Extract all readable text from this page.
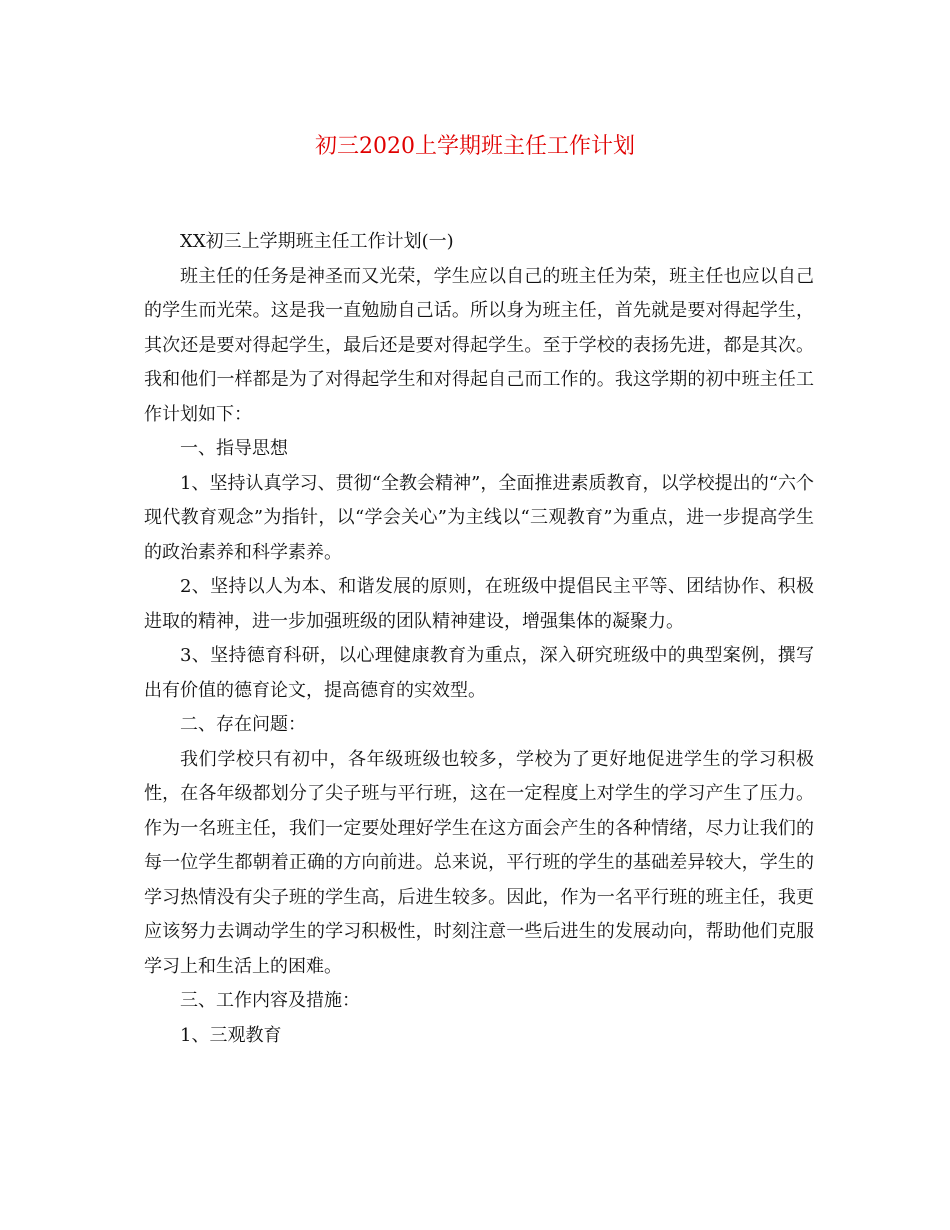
初三2020上学期班主任工作计划

XX初三上学期班主任工作计划(一)

班主任的任务是神圣而又光荣，学生应以自己的班主任为荣，班主任也应以自己的学生而光荣。这是我一直勉励自己话。所以身为班主任，首先就是要对得起学生，其次还是要对得起学生，最后还是要对得起学生。至于学校的表扬先进，都是其次。我和他们一样都是为了对得起学生和对得起自己而工作的。我这学期的初中班主任工作计划如下：

一、指导思想

1、坚持认真学习、贯彻“全教会精神”，全面推进素质教育，以学校提出的“六个现代教育观念”为指针，以“学会关心”为主线以“三观教育”为重点，进一步提高学生的政治素养和科学素养。

2、坚持以人为本、和谐发展的原则，在班级中提倡民主平等、团结协作、积极进取的精神，进一步加强班级的团队精神建设，增强集体的凝聚力。

3、坚持德育科研，以心理健康教育为重点，深入研究班级中的典型案例，撰写出有价值的德育论文，提高德育的实效型。

二、存在问题：

我们学校只有初中，各年级班级也较多，学校为了更好地促进学生的学习积极性，在各年级都划分了尖子班与平行班，这在一定程度上对学生的学习产生了压力。作为一名班主任，我们一定要处理好学生在这方面会产生的各种情绪，尽力让我们的每一位学生都朝着正确的方向前进。总来说，平行班的学生的基础差异较大，学生的学习热情没有尖子班的学生高，后进生较多。因此，作为一名平行班的班主任，我更应该努力去调动学生的学习积极性，时刻注意一些后进生的发展动向，帮助他们克服学习上和生活上的困难。

三、工作内容及措施：

1、三观教育
